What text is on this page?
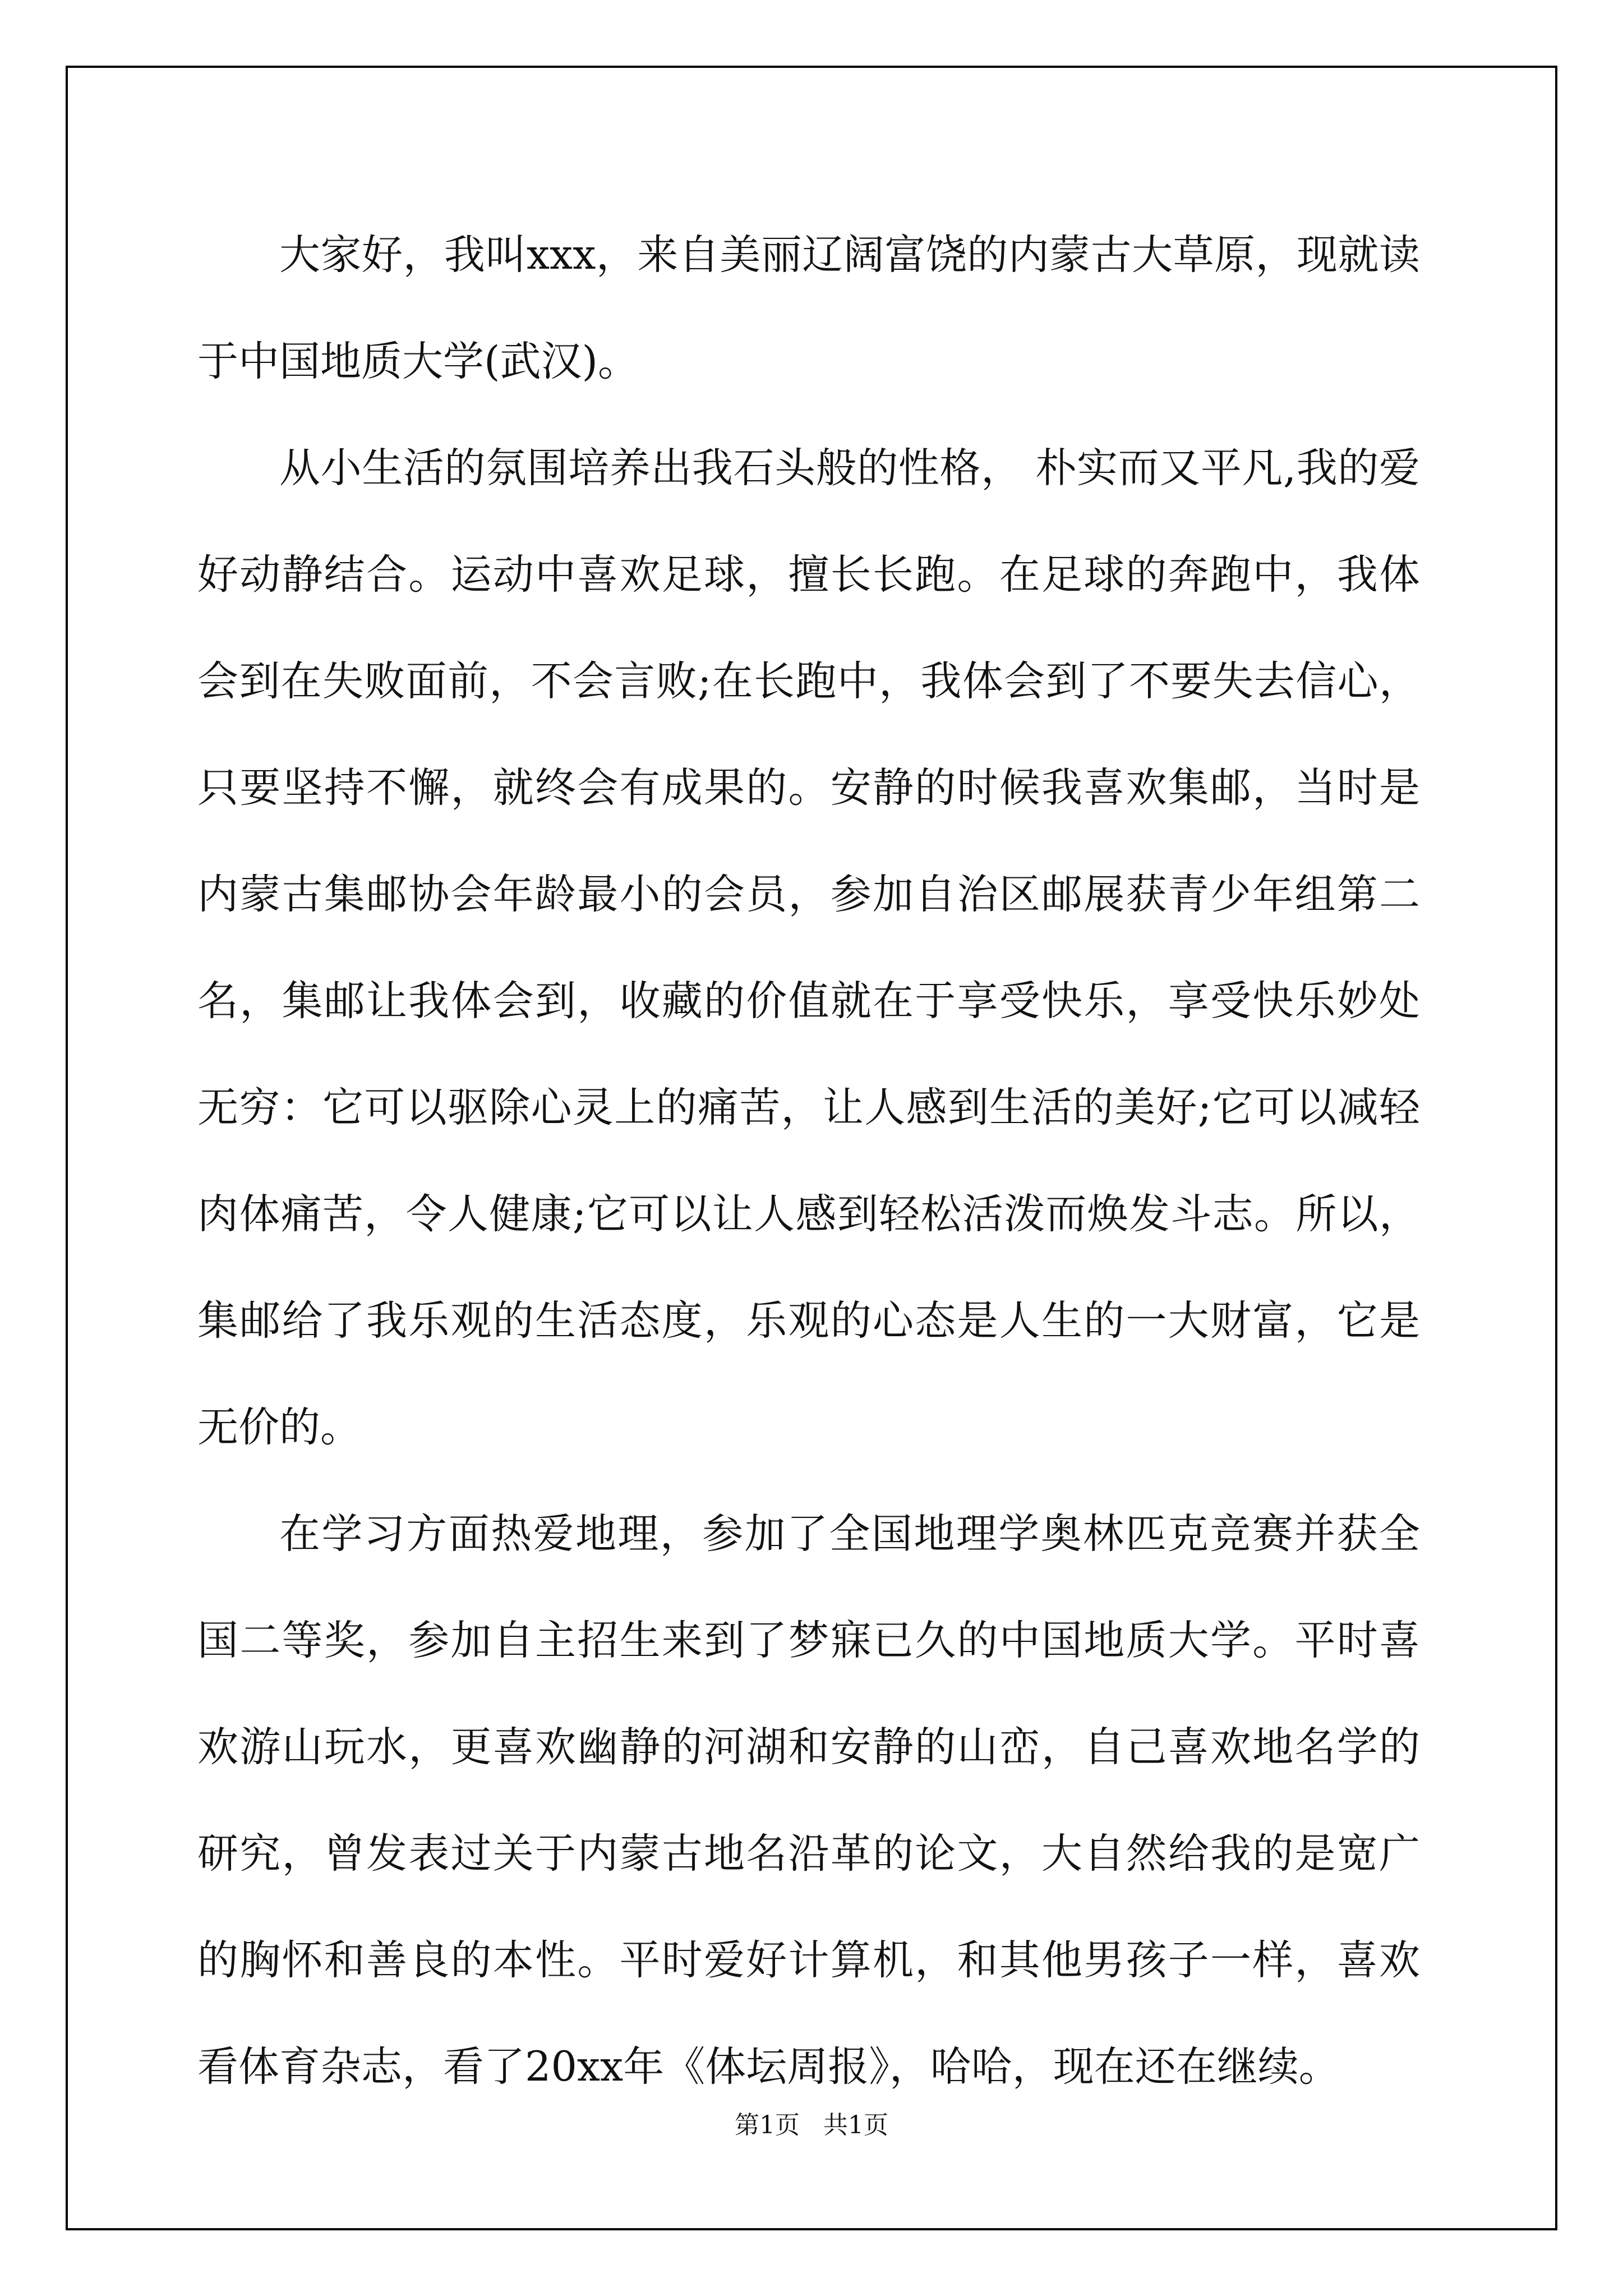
大家好，我叫xxx，来自美丽辽阔富饶的内蒙古大草原，现就读于中国地质大学(武汉)。

从小生活的氛围培养出我石头般的性格， 朴实而又平凡,我的爱好动静结合。运动中喜欢足球，擅长长跑。在足球的奔跑中，我体会到在失败面前，不会言败;在长跑中，我体会到了不要失去信心，只要坚持不懈，就终会有成果的。安静的时候我喜欢集邮，当时是内蒙古集邮协会年龄最小的会员，参加自治区邮展获青少年组第二名，集邮让我体会到，收藏的价值就在于享受快乐，享受快乐妙处无穷：它可以驱除心灵上的痛苦，让人感到生活的美好;它可以减轻肉体痛苦，令人健康;它可以让人感到轻松活泼而焕发斗志。所以，集邮给了我乐观的生活态度，乐观的心态是人生的一大财富，它是无价的。

在学习方面热爱地理，参加了全国地理学奥林匹克竞赛并获全国二等奖，参加自主招生来到了梦寐已久的中国地质大学。平时喜欢游山玩水，更喜欢幽静的河湖和安静的山峦，自己喜欢地名学的研究，曾发表过关于内蒙古地名沿革的论文，大自然给我的是宽广的胸怀和善良的本性。平时爱好计算机，和其他男孩子一样，喜欢看体育杂志，看了20xx年《体坛周报》，哈哈，现在还在继续。

第1页   共1页
